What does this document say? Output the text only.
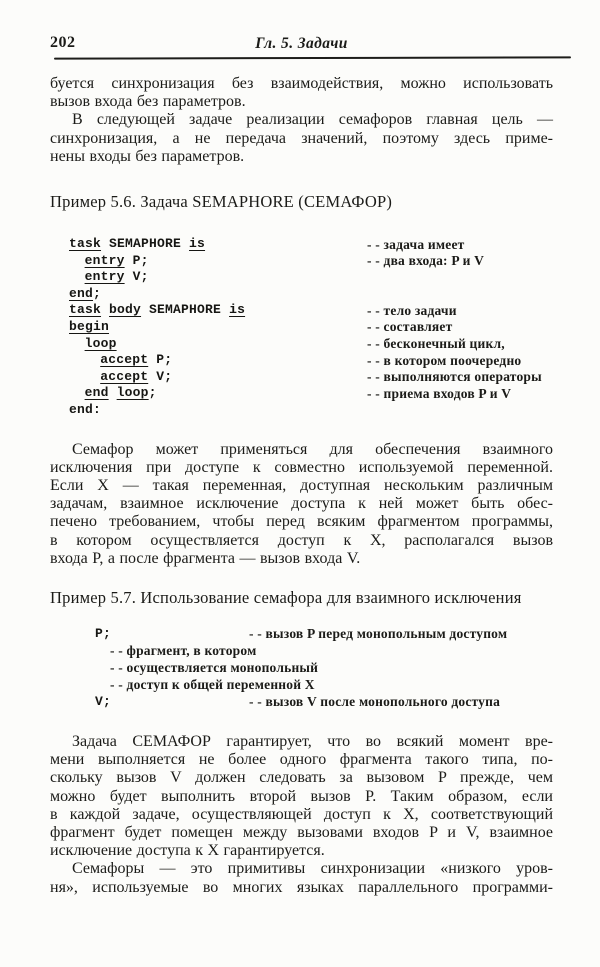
202	Гл. 5. Задачи
буется синхронизация без взаимодействия, можно использовать
вызов входа без параметров.
В следующей задаче реализации семафоров главная цель —
синхронизация, а не передача значений, поэтому здесь приме-
нены входы без параметров.
Пример 5.6. Задача SEMAPHORE (СЕМАФОР)
task SEMAPHORE is	- - задача имеет
entry P;	- - два входа: P и V
entry V;
end;
task body SEMAPHORE is	- - тело задачи
begin	- - составляет
loop	- - бесконечный цикл,
accept P;	- - в котором поочередно
accept V;	- - выполняются операторы
end loop;	- - приема входов P и V
end:
Семафор может применяться для обеспечения взаимного
исключения при доступе к совместно используемой переменной.
Если X — такая переменная, доступная нескольким различным
задачам, взаимное исключение доступа к ней может быть обес-
печено требованием, чтобы перед всяким фрагментом программы,
в котором осуществляется доступ к X, располагался вызов
входа P, а после фрагмента — вызов входа V.
Пример 5.7. Использование семафора для взаимного исключения
P;	- - вызов P перед монопольным доступом
- - фрагмент, в котором
- - осуществляется монопольный
- - доступ к общей переменной X
V;	- - вызов V после монопольного доступа
Задача СЕМАФОР гарантирует, что во всякий момент вре-
мени выполняется не более одного фрагмента такого типа, по-
скольку вызов V должен следовать за вызовом P прежде, чем
можно будет выполнить второй вызов P. Таким образом, если
в каждой задаче, осуществляющей доступ к X, соответствующий
фрагмент будет помещен между вызовами входов P и V, взаимное
исключение доступа к X гарантируется.
Семафоры — это примитивы синхронизации «низкого уров-
ня», используемые во многих языках параллельного программи-
